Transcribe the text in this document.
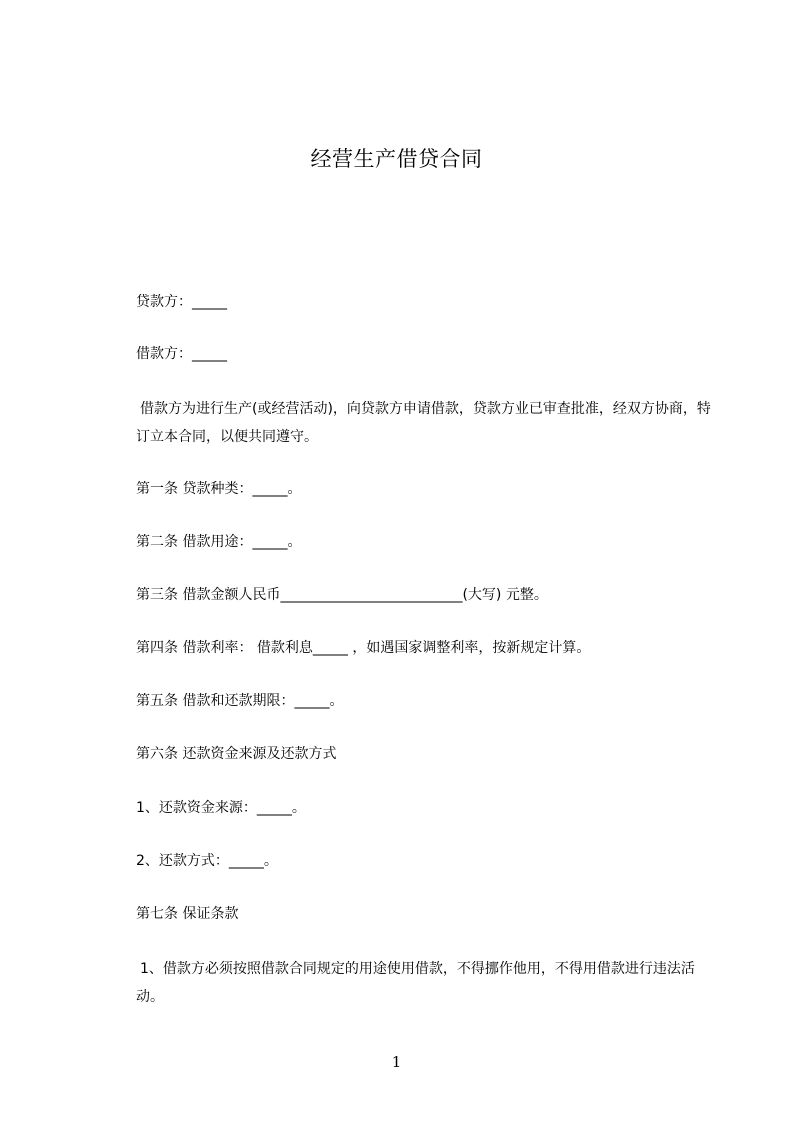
经营生产借贷合同
贷款方：_____
借款方：_____
借款方为进行生产(或经营活动)，向贷款方申请借款，贷款方业已审查批准，经双方协商，特订立本合同，以便共同遵守。
第一条 贷款种类：_____。
第二条 借款用途：_____。
第三条 借款金额人民币__________________________(大写) 元整。
第四条 借款利率： 借款利息_____ ，如遇国家调整利率，按新规定计算。
第五条 借款和还款期限：_____。
第六条 还款资金来源及还款方式
1、还款资金来源：_____。
2、还款方式：_____。
第七条 保证条款
1、借款方必须按照借款合同规定的用途使用借款，不得挪作他用，不得用借款进行违法活动。
1
